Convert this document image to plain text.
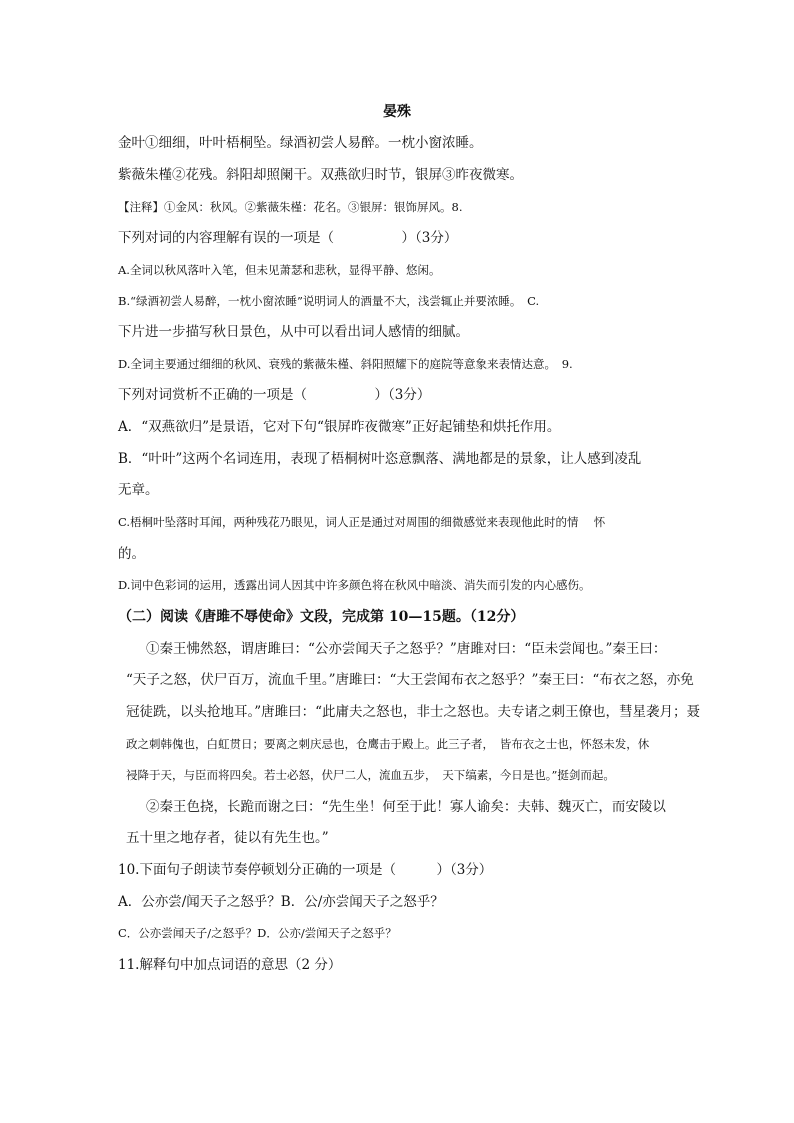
晏殊
金叶①细细，叶叶梧桐坠。绿酒初尝人易醉。一枕小窗浓睡。
紫薇朱槿②花残。斜阳却照阑干。双燕欲归时节，银屏③昨夜微寒。
【注释】①金风：秋风。②紫薇朱槿：花名。③银屏：银饰屏风。8.
下列对词的内容理解有误的一项是（　　　　　）（3分）
A.全词以秋风落叶入笔，但未见萧瑟和悲秋，显得平静、悠闲。
B.“绿酒初尝人易醉，一枕小窗浓睡”说明词人的酒量不大，浅尝辄止并要浓睡。　C.
下片进一步描写秋日景色，从中可以看出词人感情的细腻。
D.全词主要通过细细的秋风、衰残的紫薇朱槿、斜阳照耀下的庭院等意象来表情达意。　9.
下列对词赏析不正确的一项是（　　　　　）（3分）
A．“双燕欲归”是景语，它对下句“银屏昨夜微寒”正好起铺垫和烘托作用。
B．“叶叶”这两个名词连用，表现了梧桐树叶恣意飘落、满地都是的景象，让人感到凌乱
无章。
C.梧桐叶坠落时耳闻，两种残花乃眼见，词人正是通过对周围的细微感觉来表现他此时的情　 怀
的。
D.词中色彩词的运用，透露出词人因其中许多颜色将在秋风中暗淡、消失而引发的内心感伤。
（二）阅读《唐雎不辱使命》文段，完成第 10—15题。（12分）
①秦王怫然怒，谓唐雎曰：“公亦尝闻天子之怒乎？”唐雎对曰：“臣未尝闻也。”秦王曰：
“天子之怒，伏尸百万，流血千里。”唐雎曰：“大王尝闻布衣之怒乎？”秦王曰：“布衣之怒，亦免
冠徒跣，以头抢地耳。”唐雎曰：“此庸夫之怒也，非士之怒也。夫专诸之刺王僚也，彗星袭月；聂
政之刺韩傀也，白虹贯日；要离之刺庆忌也，仓鹰击于殿上。此三子者，　皆布衣之士也，怀怒未发，休
祲降于天，与臣而将四矣。若士必怒，伏尸二人，流血五步，　天下缟素，今日是也。”挺剑而起。
②秦王色挠，长跪而谢之曰：“先生坐！何至于此！寡人谕矣：夫韩、魏灭亡，而安陵以
五十里之地存者，徒以有先生也。”
10.下面句子朗读节奏停顿划分正确的一项是（　　　）（3分）
A．公亦尝/闻天子之怒乎？B．公/亦尝闻天子之怒乎？
C．公亦尝闻天子/之怒乎？D．公亦/尝闻天子之怒乎？
11.解释句中加点词语的意思（2 分）
